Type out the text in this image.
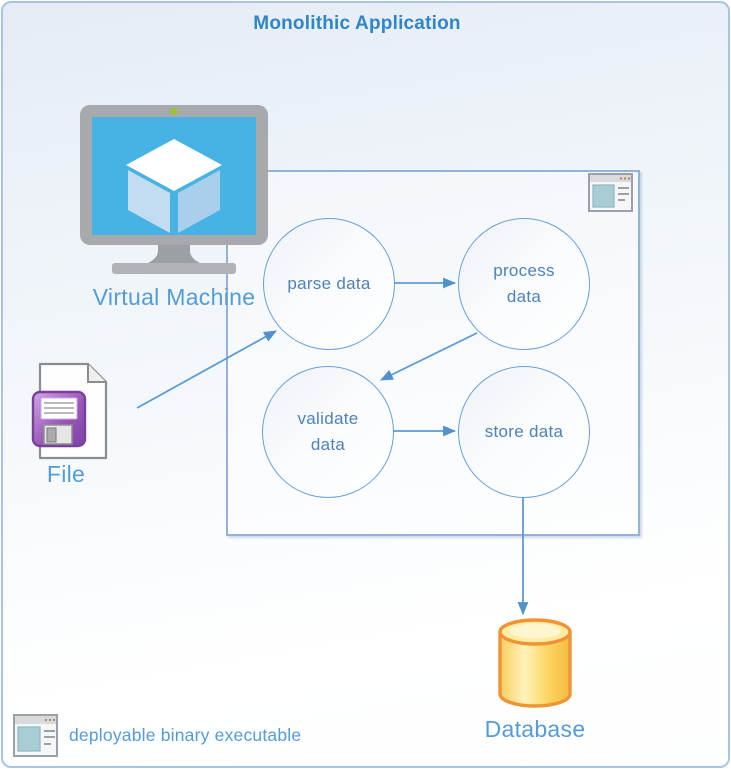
Monolithic Application
parse data
process data
validate data
store data
Virtual Machine
File
Database
deployable binary executable
